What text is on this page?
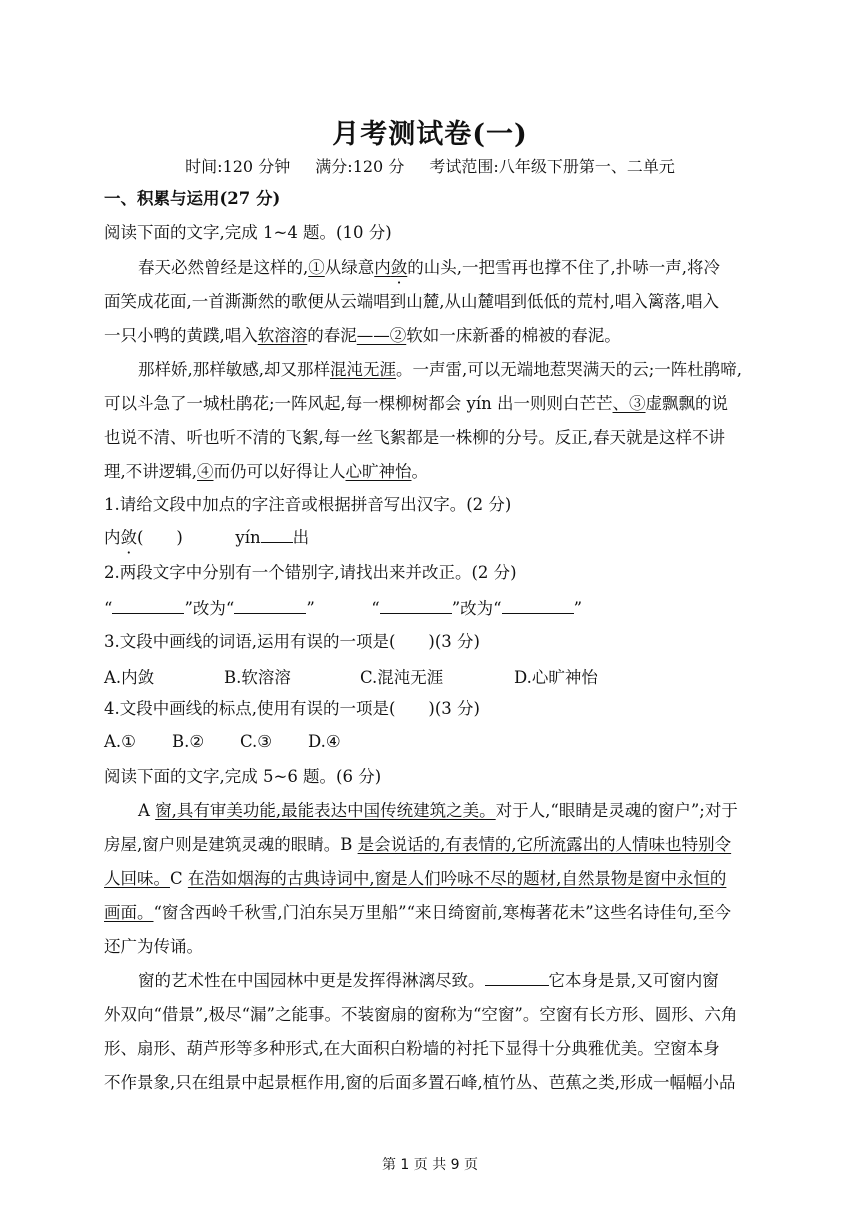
月考测试卷(一)
时间:120 分钟 满分:120 分 考试范围:八年级下册第一、二单元
一、积累与运用(27 分)
阅读下面的文字,完成 1~4 题。(10 分)
春天必然曾经是这样的,①从绿意内敛的山头,一把雪再也撑不住了,扑哧一声,将冷
面笑成花面,一首澌澌然的歌便从云端唱到山麓,从山麓唱到低低的荒村,唱入篱落,唱入
一只小鸭的黄蹼,唱入软溶溶的春泥——②软如一床新番的棉被的春泥。
那样娇,那样敏感,却又那样混沌无涯。一声雷,可以无端地惹哭满天的云;一阵杜鹃啼,
可以斗急了一城杜鹃花;一阵风起,每一棵柳树都会 yín 出一则则白芒芒、③虚飘飘的说
也说不清、听也听不清的飞絮,每一丝飞絮都是一株柳的分号。反正,春天就是这样不讲
理,不讲逻辑,④而仍可以好得让人心旷神怡。
1.请给文段中加点的字注音或根据拼音写出汉字。(2 分)
内敛(　　)	yín 出
2.两段文字中分别有一个错别字,请找出来并改正。(2 分)
“	”改为“	”	“	”改为“	”
3.文段中画线的词语,运用有误的一项是(　　)(3 分)
A.内敛	B.软溶溶	C.混沌无涯	D.心旷神怡
4.文段中画线的标点,使用有误的一项是(　　)(3 分)
A.① B.② C.③ D.④
阅读下面的文字,完成 5~6 题。(6 分)
A 窗,具有审美功能,最能表达中国传统建筑之美。对于人,“眼睛是灵魂的窗户”;对于
房屋,窗户则是建筑灵魂的眼睛。B 是会说话的,有表情的,它所流露出的人情味也特别令
人回味。C 在浩如烟海的古典诗词中,窗是人们吟咏不尽的题材,自然景物是窗中永恒的
画面。“窗含西岭千秋雪,门泊东吴万里船”“来日绮窗前,寒梅著花未”这些名诗佳句,至今
还广为传诵。
窗的艺术性在中国园林中更是发挥得淋漓尽致。	它本身是景,又可窗内窗
外双向“借景”,极尽“漏”之能事。不装窗扇的窗称为“空窗”。空窗有长方形、圆形、六角
形、扇形、葫芦形等多种形式,在大面积白粉墙的衬托下显得十分典雅优美。空窗本身
不作景象,只在组景中起景框作用,窗的后面多置石峰,植竹丛、芭蕉之类,形成一幅幅小品
第 1 页 共 9 页
